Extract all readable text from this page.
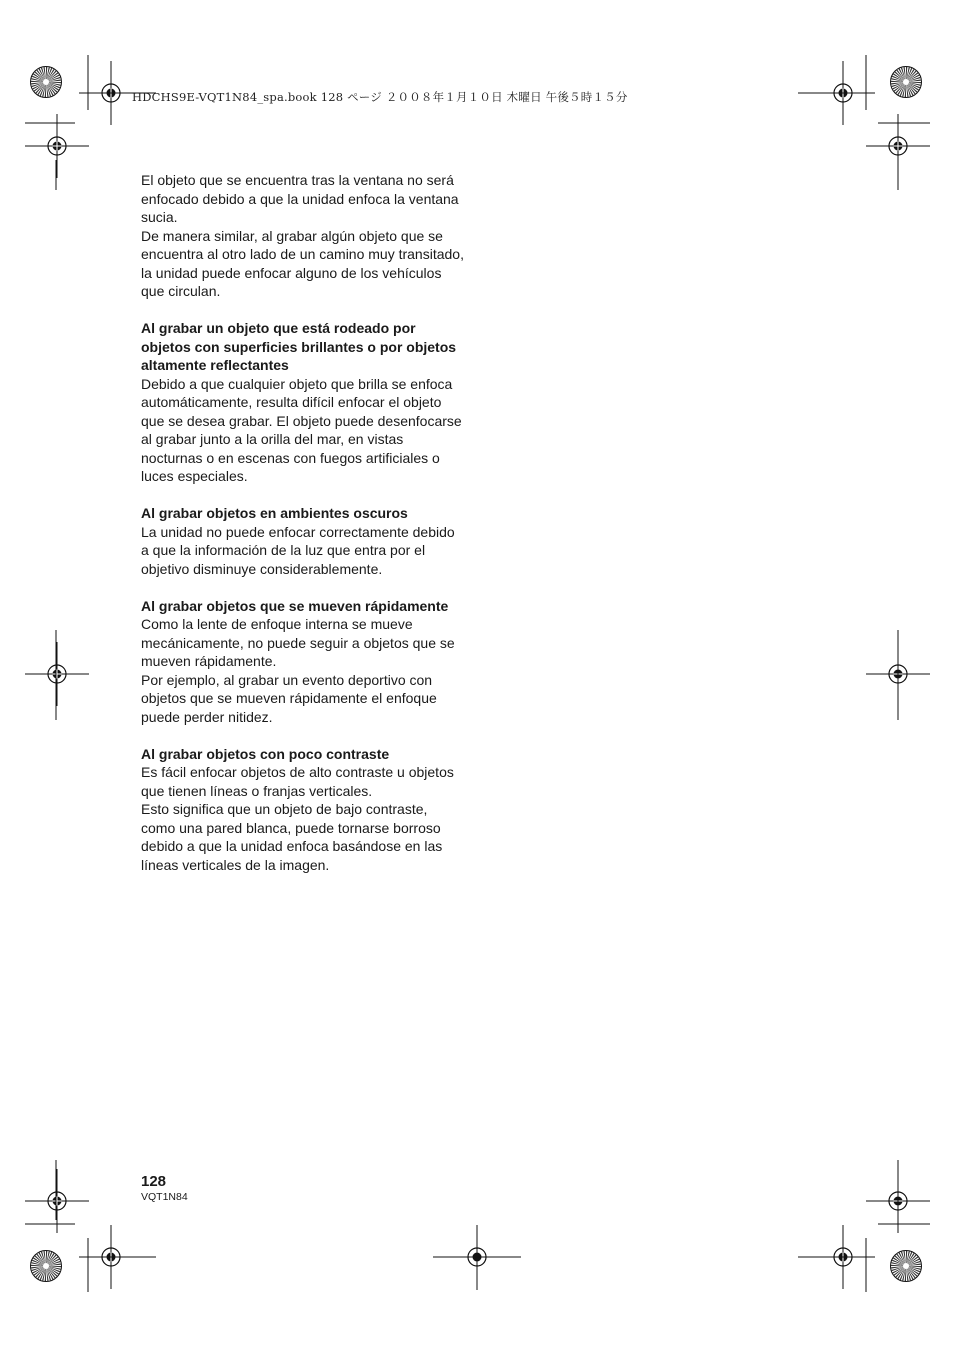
HDCHS9E-VQT1N84_spa.book 128 ページ ２００８年１月１０日 木曜日 午後５時１５分

El objeto que se encuentra tras la ventana no será enfocado debido a que la unidad enfoca la ventana sucia.

De manera similar, al grabar algún objeto que se encuentra al otro lado de un camino muy transitado, la unidad puede enfocar alguno de los vehículos que circulan.

Al grabar un objeto que está rodeado por objetos con superficies brillantes o por objetos altamente reflectantes

Debido a que cualquier objeto que brilla se enfoca automáticamente, resulta difícil enfocar el objeto que se desea grabar. El objeto puede desenfocarse al grabar junto a la orilla del mar, en vistas nocturnas o en escenas con fuegos artificiales o luces especiales.

Al grabar objetos en ambientes oscuros

La unidad no puede enfocar correctamente debido a que la información de la luz que entra por el objetivo disminuye considerablemente.

Al grabar objetos que se mueven rápidamente

Como la lente de enfoque interna se mueve mecánicamente, no puede seguir a objetos que se mueven rápidamente.

Por ejemplo, al grabar un evento deportivo con objetos que se mueven rápidamente el enfoque puede perder nitidez.

Al grabar objetos con poco contraste

Es fácil enfocar objetos de alto contraste u objetos que tienen líneas o franjas verticales.

Esto significa que un objeto de bajo contraste, como una pared blanca, puede tornarse borroso debido a que la unidad enfoca basándose en las líneas verticales de la imagen.

128
VQT1N84
